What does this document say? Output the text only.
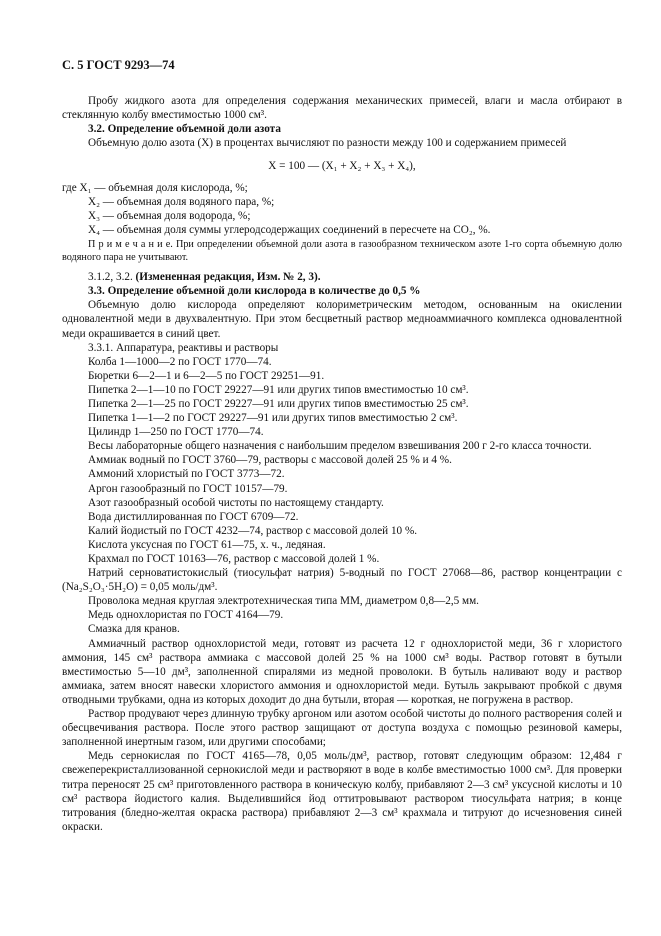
С. 5 ГОСТ 9293—74

Пробу жидкого азота для определения содержания механических примесей, влаги и масла отбирают в стеклянную колбу вместимостью 1000 см³.

3.2. Определение объемной доли азота

Объемную долю азота (X) в процентах вычисляют по разности между 100 и содержанием примесей

X = 100 — (X₁ + X₂ + X₃ + X₄),

где X₁ — объемная доля кислорода, %;

X₂ — объемная доля водяного пара, %;

X₃ — объемная доля водорода, %;

X₄ — объемная доля суммы углеродсодержащих соединений в пересчете на CO₂, %.

П р и м е ч а н и е. При определении объемной доли азота в газообразном техническом азоте 1-го сорта объемную долю водяного пара не учитывают.

3.1.2, 3.2. (Измененная редакция, Изм. № 2, 3).

3.3. Определение объемной доли кислорода в количестве до 0,5 %

Объемную долю кислорода определяют колориметрическим методом, основанным на окислении одновалентной меди в двухвалентную. При этом бесцветный раствор медноаммиачного комплекса одновалентной меди окрашивается в синий цвет.

3.3.1. Аппаратура, реактивы и растворы

Колба 1—1000—2 по ГОСТ 1770—74.

Бюретки 6—2—1 и 6—2—5 по ГОСТ 29251—91.

Пипетка 2—1—10 по ГОСТ 29227—91 или других типов вместимостью 10 см³.

Пипетка 2—1—25 по ГОСТ 29227—91 или других типов вместимостью 25 см³.

Пипетка 1—1—2 по ГОСТ 29227—91 или других типов вместимостью 2 см³.

Цилиндр 1—250 по ГОСТ 1770—74.

Весы лабораторные общего назначения с наибольшим пределом взвешивания 200 г 2-го класса точности.

Аммиак водный по ГОСТ 3760—79, растворы с массовой долей 25 % и 4 %.

Аммоний хлористый по ГОСТ 3773—72.

Аргон газообразный по ГОСТ 10157—79.

Азот газообразный особой чистоты по настоящему стандарту.

Вода дистиллированная по ГОСТ 6709—72.

Калий йодистый по ГОСТ 4232—74, раствор с массовой долей 10 %.

Кислота уксусная по ГОСТ 61—75, х. ч., ледяная.

Крахмал по ГОСТ 10163—76, раствор с массовой долей 1 %.

Натрий серноватистокислый (тиосульфат натрия) 5-водный по ГОСТ 27068—86, раствор концентрации c (Na₂S₂O₃·5H₂O) = 0,05 моль/дм³.

Проволока медная круглая электротехническая типа ММ, диаметром 0,8—2,5 мм.

Медь однохлористая по ГОСТ 4164—79.

Смазка для кранов.

Аммиачный раствор однохлористой меди, готовят из расчета 12 г однохлористой меди, 36 г хлористого аммония, 145 см³ раствора аммиака с массовой долей 25 % на 1000 см³ воды. Раствор готовят в бутыли вместимостью 5—10 дм³, заполненной спиралями из медной проволоки. В бутыль наливают воду и раствор аммиака, затем вносят навески хлористого аммония и однохлористой меди. Бутыль закрывают пробкой с двумя отводными трубками, одна из которых доходит до дна бутыли, вторая — короткая, не погружена в раствор.

Раствор продувают через длинную трубку аргоном или азотом особой чистоты до полного растворения солей и обесцвечивания раствора. После этого раствор защищают от доступа воздуха с помощью резиновой камеры, заполненной инертным газом, или другими способами;

Медь сернокислая по ГОСТ 4165—78, 0,05 моль/дм³, раствор, готовят следующим образом: 12,484 г свежеперекристаллизованной сернокислой меди и растворяют в воде в колбе вместимостью 1000 см³. Для проверки титра переносят 25 см³ приготовленного раствора в коническую колбу, прибавляют 2—3 см³ уксусной кислоты и 10 см³ раствора йодистого калия. Выделившийся йод оттитровывают раствором тиосульфата натрия; в конце титрования (бледно-желтая окраска раствора) прибавляют 2—3 см³ крахмала и титруют до исчезновения синей окраски.
